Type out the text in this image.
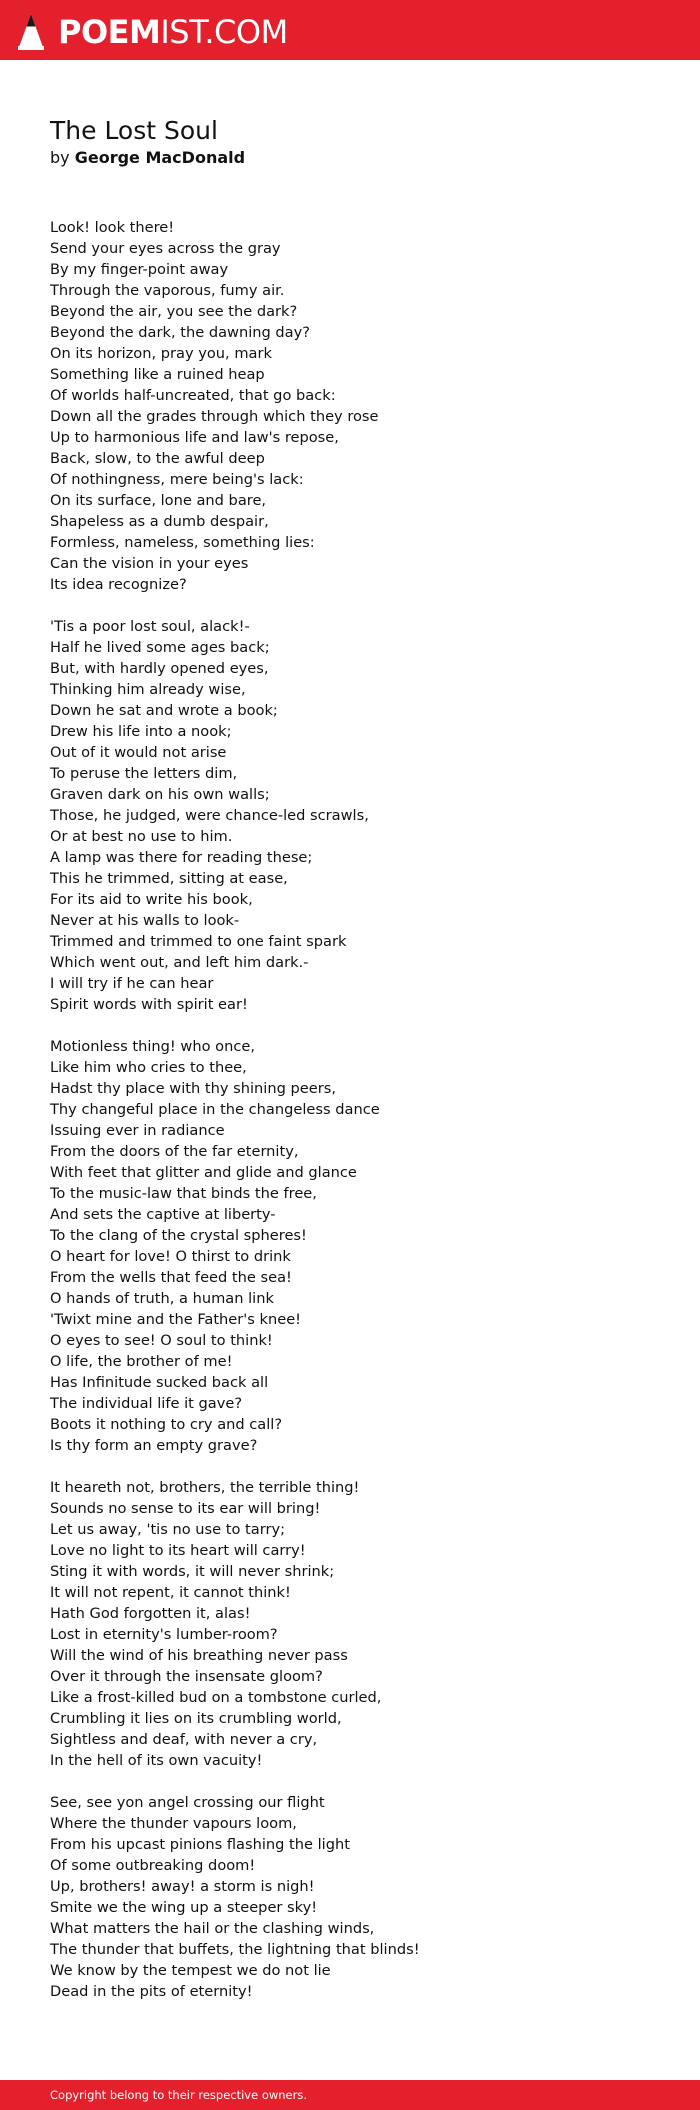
POEMIST.COM
The Lost Soul

by George MacDonald

Look! look there!
Send your eyes across the gray
By my finger-point away
Through the vaporous, fumy air.
Beyond the air, you see the dark?
Beyond the dark, the dawning day?
On its horizon, pray you, mark
Something like a ruined heap
Of worlds half-uncreated, that go back:
Down all the grades through which they rose
Up to harmonious life and law's repose,
Back, slow, to the awful deep
Of nothingness, mere being's lack:
On its surface, lone and bare,
Shapeless as a dumb despair,
Formless, nameless, something lies:
Can the vision in your eyes
Its idea recognize?
'Tis a poor lost soul, alack!-
Half he lived some ages back;
But, with hardly opened eyes,
Thinking him already wise,
Down he sat and wrote a book;
Drew his life into a nook;
Out of it would not arise
To peruse the letters dim,
Graven dark on his own walls;
Those, he judged, were chance-led scrawls,
Or at best no use to him.
A lamp was there for reading these;
This he trimmed, sitting at ease,
For its aid to write his book,
Never at his walls to look-
Trimmed and trimmed to one faint spark
Which went out, and left him dark.-
I will try if he can hear
Spirit words with spirit ear!
Motionless thing! who once,
Like him who cries to thee,
Hadst thy place with thy shining peers,
Thy changeful place in the changeless dance
Issuing ever in radiance
From the doors of the far eternity,
With feet that glitter and glide and glance
To the music-law that binds the free,
And sets the captive at liberty-
To the clang of the crystal spheres!
O heart for love! O thirst to drink
From the wells that feed the sea!
O hands of truth, a human link
'Twixt mine and the Father's knee!
O eyes to see! O soul to think!
O life, the brother of me!
Has Infinitude sucked back all
The individual life it gave?
Boots it nothing to cry and call?
Is thy form an empty grave?
It heareth not, brothers, the terrible thing!
Sounds no sense to its ear will bring!
Let us away, 'tis no use to tarry;
Love no light to its heart will carry!
Sting it with words, it will never shrink;
It will not repent, it cannot think!
Hath God forgotten it, alas!
Lost in eternity's lumber-room?
Will the wind of his breathing never pass
Over it through the insensate gloom?
Like a frost-killed bud on a tombstone curled,
Crumbling it lies on its crumbling world,
Sightless and deaf, with never a cry,
In the hell of its own vacuity!
See, see yon angel crossing our flight
Where the thunder vapours loom,
From his upcast pinions flashing the light
Of some outbreaking doom!
Up, brothers! away! a storm is nigh!
Smite we the wing up a steeper sky!
What matters the hail or the clashing winds,
The thunder that buffets, the lightning that blinds!
We know by the tempest we do not lie
Dead in the pits of eternity!
Copyright belong to their respective owners.
